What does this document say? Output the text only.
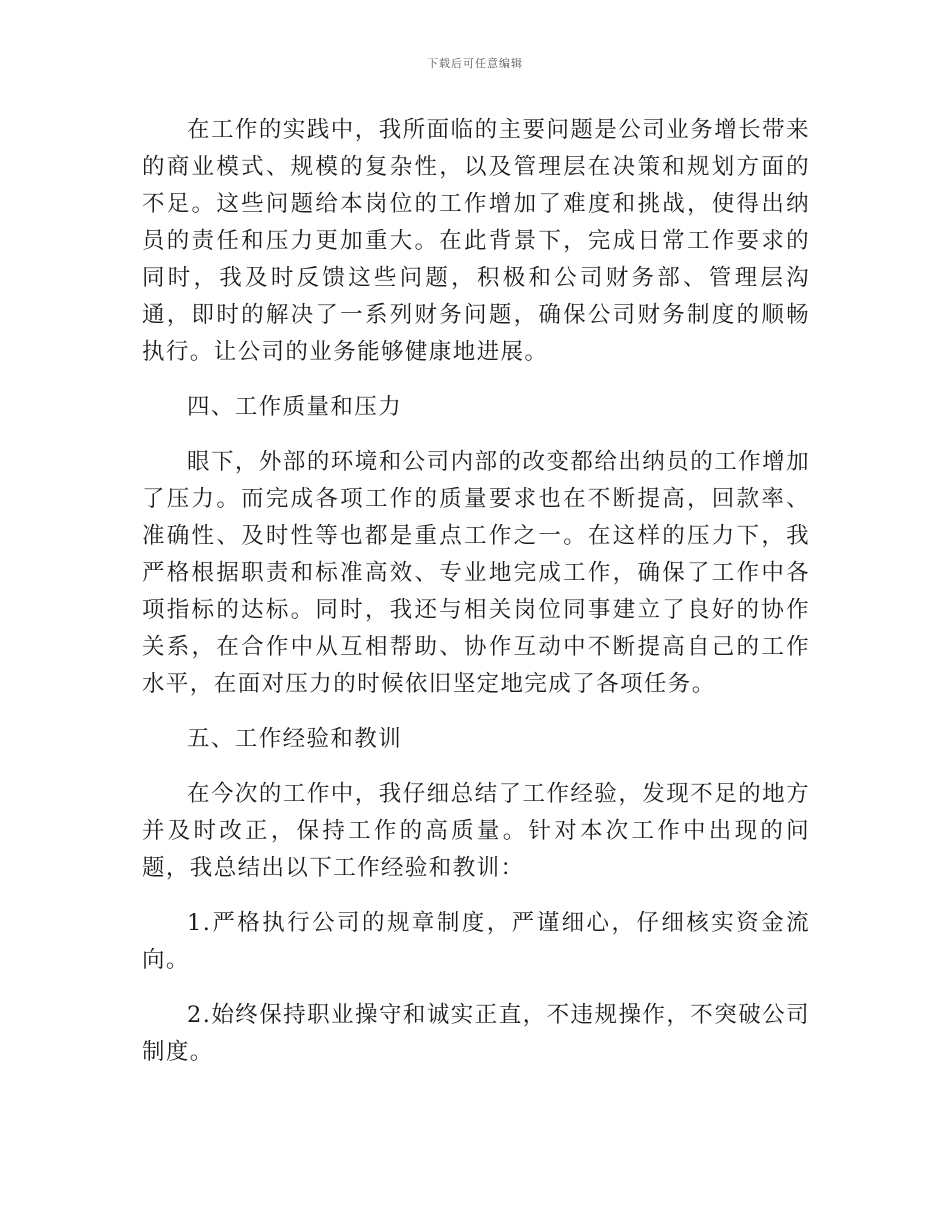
下载后可任意编辑

在工作的实践中，我所面临的主要问题是公司业务增长带来的商业模式、规模的复杂性，以及管理层在决策和规划方面的不足。这些问题给本岗位的工作增加了难度和挑战，使得出纳员的责任和压力更加重大。在此背景下，完成日常工作要求的同时，我及时反馈这些问题，积极和公司财务部、管理层沟通，即时的解决了一系列财务问题，确保公司财务制度的顺畅执行。让公司的业务能够健康地进展。

四、工作质量和压力

眼下，外部的环境和公司内部的改变都给出纳员的工作增加了压力。而完成各项工作的质量要求也在不断提高，回款率、准确性、及时性等也都是重点工作之一。在这样的压力下，我严格根据职责和标准高效、专业地完成工作，确保了工作中各项指标的达标。同时，我还与相关岗位同事建立了良好的协作关系，在合作中从互相帮助、协作互动中不断提高自己的工作水平，在面对压力的时候依旧坚定地完成了各项任务。

五、工作经验和教训

在今次的工作中，我仔细总结了工作经验，发现不足的地方并及时改正，保持工作的高质量。针对本次工作中出现的问题，我总结出以下工作经验和教训：

1.严格执行公司的规章制度，严谨细心，仔细核实资金流向。

2.始终保持职业操守和诚实正直，不违规操作，不突破公司制度。
